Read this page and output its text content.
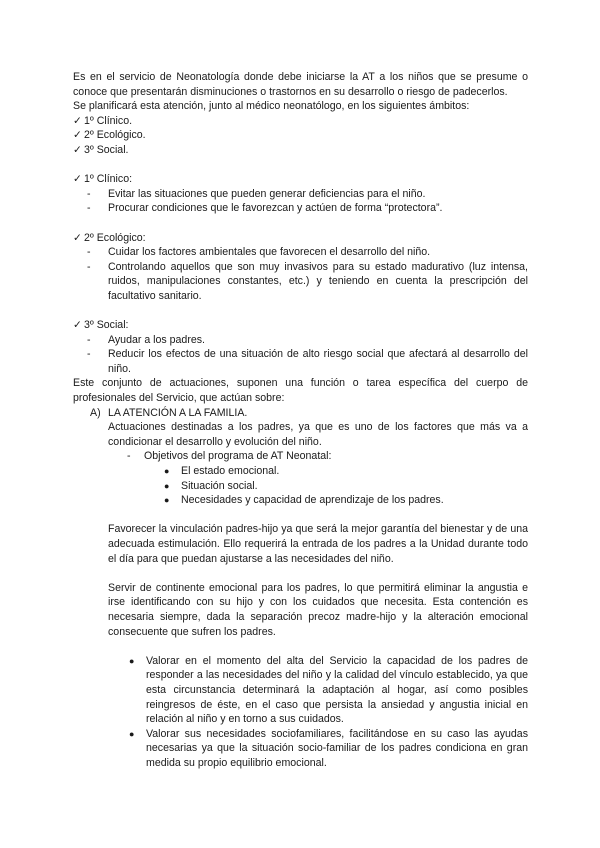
Es en el servicio de Neonatología donde debe iniciarse la AT a los niños que se presume o conoce que presentarán disminuciones o trastornos en su desarrollo o riesgo de padecerlos.

Se planificará esta atención, junto al médico neonatólogo, en los siguientes ámbitos:

✓ 1º Clínico.
✓ 2º Ecológico.
✓ 3º Social.
✓ 1º Clínico:
-	Evitar las situaciones que pueden generar deficiencias para el niño.
-	Procurar condiciones que le favorezcan y actúen de forma “protectora”.
✓ 2º Ecológico:
-	Cuidar los factores ambientales que favorecen el desarrollo del niño.
-	Controlando aquellos que son muy invasivos para su estado madurativo (luz intensa, ruidos, manipulaciones constantes, etc.) y teniendo en cuenta la prescripción del facultativo sanitario.
✓ 3º Social:
-	Ayudar a los padres.
-	Reducir los efectos de una situación de alto riesgo social que afectará al desarrollo del niño.

Este conjunto de actuaciones, suponen una función o tarea específica del cuerpo de profesionales del Servicio, que actúan sobre:

A) LA ATENCIÓN A LA FAMILIA.

Actuaciones destinadas a los padres, ya que es uno de los factores que más va a condicionar el desarrollo y evolución del niño.

-	Objetivos del programa de AT Neonatal:
●	El estado emocional.
●	Situación social.
●	Necesidades y capacidad de aprendizaje de los padres.

Favorecer la vinculación padres-hijo ya que será la mejor garantía del bienestar y de una adecuada estimulación. Ello requerirá la entrada de los padres a la Unidad durante todo el día para que puedan ajustarse a las necesidades del niño.

Servir de continente emocional para los padres, lo que permitirá eliminar la angustia e irse identificando con su hijo y con los cuidados que necesita. Esta contención es necesaria siempre, dada la separación precoz madre-hijo y la alteración emocional consecuente que sufren los padres.

●	Valorar en el momento del alta del Servicio la capacidad de los padres de responder a las necesidades del niño y la calidad del vínculo establecido, ya que esta circunstancia determinará la adaptación al hogar, así como posibles reingresos de éste, en el caso que persista la ansiedad y angustia inicial en relación al niño y en torno a sus cuidados.
●	Valorar sus necesidades sociofamiliares, facilitándose en su caso las ayudas necesarias ya que la situación socio-familiar de los padres condiciona en gran medida su propio equilibrio emocional.
